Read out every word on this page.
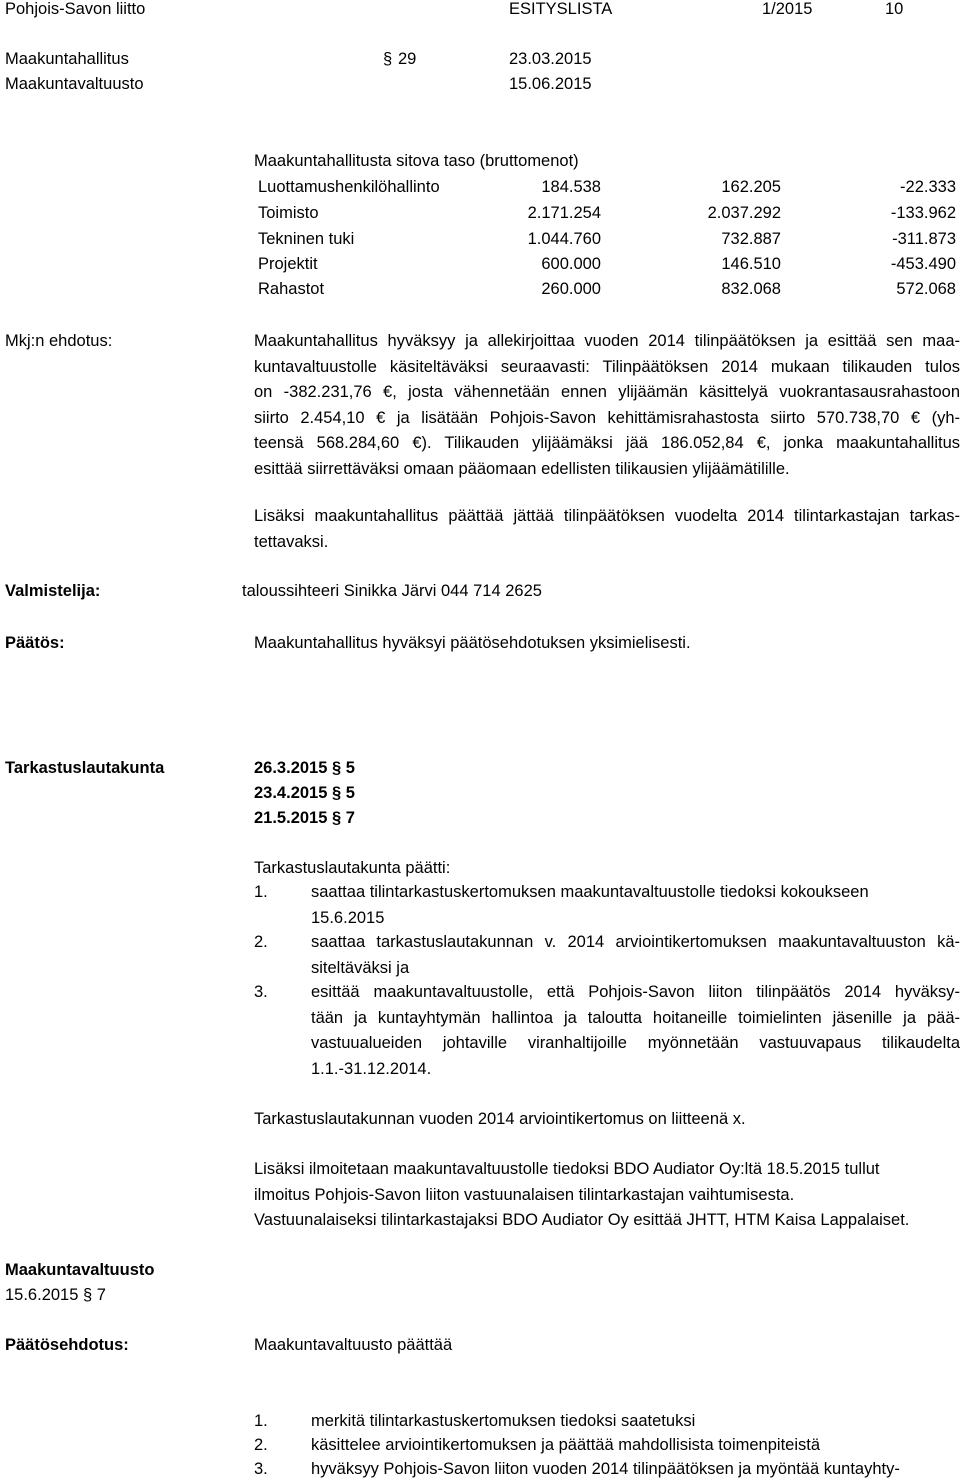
Pohjois-Savon liitto	ESITYSLISTA	1/2015	10
Maakuntahallitus	§ 29	23.03.2015
Maakuntavaltuusto	15.06.2015
Maakuntahallitusta sitova taso (bruttomenot)
Luottamushenkilöhallinto	184.538	162.205	-22.333
Toimisto	2.171.254	2.037.292	-133.962
Tekninen tuki	1.044.760	732.887	-311.873
Projektit	600.000	146.510	-453.490
Rahastot	260.000	832.068	572.068
Mkj:n ehdotus:	Maakuntahallitus hyväksyy ja allekirjoittaa vuoden 2014 tilinpäätöksen ja esittää sen maa-
kuntavaltuustolle käsiteltäväksi seuraavasti: Tilinpäätöksen 2014 mukaan tilikauden tulos
on -382.231,76 €, josta vähennetään ennen ylijäämän käsittelyä vuokrantasausrahastoon
siirto 2.454,10 € ja lisätään Pohjois-Savon kehittämisrahastosta siirto 570.738,70 € (yh-
teensä 568.284,60 €). Tilikauden ylijäämäksi jää 186.052,84 €, jonka maakuntahallitus
esittää siirrettäväksi omaan pääomaan edellisten tilikausien ylijäämätilille.
Lisäksi maakuntahallitus päättää jättää tilinpäätöksen vuodelta 2014 tilintarkastajan tarkas-
tettavaksi.
Valmistelija:	taloussihteeri Sinikka Järvi 044 714 2625
Päätös:	Maakuntahallitus hyväksyi päätösehdotuksen yksimielisesti.
Tarkastuslautakunta	26.3.2015 § 5
23.4.2015 § 5
21.5.2015 § 7
Tarkastuslautakunta päätti:
1.	saattaa tilintarkastuskertomuksen maakuntavaltuustolle tiedoksi kokoukseen
15.6.2015
2.	saattaa tarkastuslautakunnan v. 2014 arviointikertomuksen maakuntavaltuuston kä-
siteltäväksi ja
3.	esittää maakuntavaltuustolle, että Pohjois-Savon liiton tilinpäätös 2014 hyväksy-
tään ja kuntayhtymän hallintoa ja taloutta hoitaneille toimielinten jäsenille ja pää-
vastuualueiden johtaville viranhaltijoille myönnetään vastuuvapaus tilikaudelta
1.1.-31.12.2014.
Tarkastuslautakunnan vuoden 2014 arviointikertomus on liitteenä x.
Lisäksi ilmoitetaan maakuntavaltuustolle tiedoksi BDO Audiator Oy:ltä 18.5.2015 tullut
ilmoitus Pohjois-Savon liiton vastuunalaisen tilintarkastajan vaihtumisesta.
Vastuunalaiseksi tilintarkastajaksi BDO Audiator Oy esittää JHTT, HTM Kaisa Lappalaiset.
Maakuntavaltuusto
15.6.2015 § 7
Päätösehdotus:	Maakuntavaltuusto päättää
1.	merkitä tilintarkastuskertomuksen tiedoksi saatetuksi
2.	käsittelee arviointikertomuksen ja päättää mahdollisista toimenpiteistä
3.	hyväksyy Pohjois-Savon liiton vuoden 2014 tilinpäätöksen ja myöntää kuntayhty-
